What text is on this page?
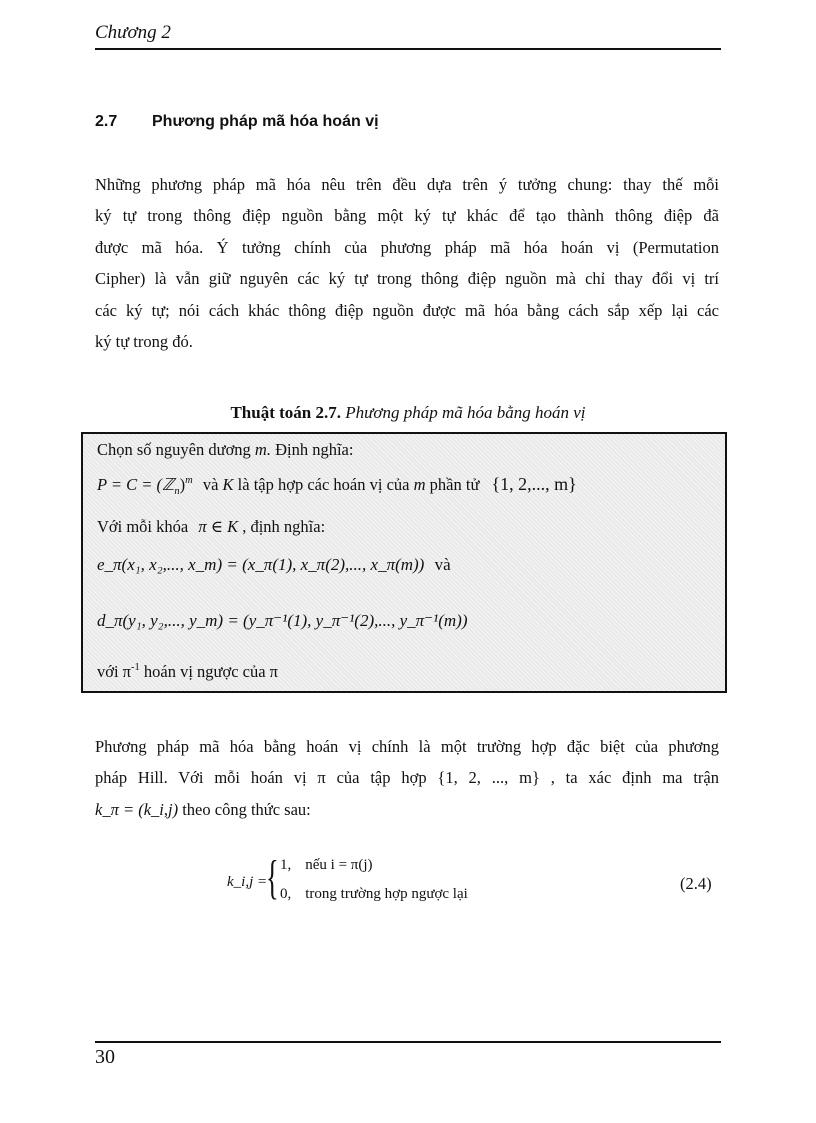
Chương 2
2.7 Phương pháp mã hóa hoán vị
Những phương pháp mã hóa nêu trên đều dựa trên ý tưởng chung: thay thế mỗi
ký tự trong thông điệp nguồn bằng một ký tự khác để tạo thành thông điệp đã
được mã hóa. Ý tưởng chính của phương pháp mã hóa hoán vị (Permutation
Cipher) là vẫn giữ nguyên các ký tự trong thông điệp nguồn mà chỉ thay đổi vị trí
các ký tự; nói cách khác thông điệp nguồn được mã hóa bằng cách sắp xếp lại các
ký tự trong đó.
Thuật toán 2.7. Phương pháp mã hóa bằng hoán vị
Chọn số nguyên dương m. Định nghĩa:
P = C = (ℤ$_n$)$^m$ và K là tập hợp các hoán vị của m phần tử {1, 2,..., m}
Với mỗi khóa π ∈ K , định nghĩa:
e_π(x₁, x₂,..., x_m) = (x_π(1), x_π(2),..., x_π(m)) và
d_π(y₁, y₂,..., y_m) = (y_π⁻¹(1), y_π⁻¹(2),..., y_π⁻¹(m))
với $\pi^{-1}$ hoán vị ngược của π
Phương pháp mã hóa bằng hoán vị chính là một trường hợp đặc biệt của phương
pháp Hill. Với mỗi hoán vị π của tập hợp {1, 2, ..., m} , ta xác định ma trận
k_π = (k_i,j) theo công thức sau:
k_i,j =
{ 1, nếu i = π(j)
0, trong trường hợp ngược lại
(2.4)
30
